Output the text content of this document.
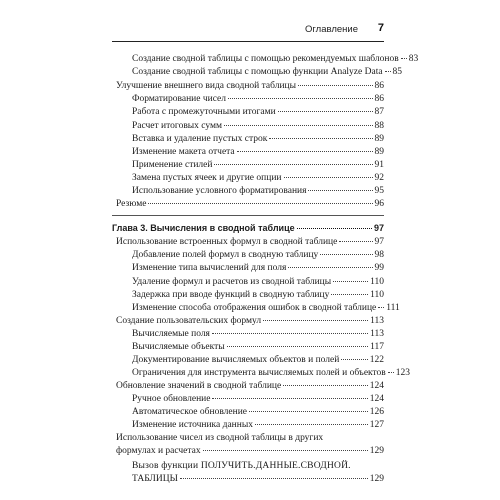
Оглавление 7
Создание сводной таблицы с помощью рекомендуемых шаблонов 83
Создание сводной таблицы с помощью функции Analyze Data 85
Улучшение внешнего вида сводной таблицы	86
Форматирование чисел	86
Работа с промежуточными итогами	87
Расчет итоговых сумм	88
Вставка и удаление пустых строк	89
Изменение макета отчета	89
Применение стилей	91
Замена пустых ячеек и другие опции	92
Использование условного форматирования	95
Резюме	96
Глава 3. Вычисления в сводной таблице	97
Использование встроенных формул в сводной таблице	97
Добавление полей формул в сводную таблицу	98
Изменение типа вычислений для поля	99
Удаление формул и расчетов из сводной таблицы	110
Задержка при вводе функций в сводную таблицу	110
Изменение способа отображения ошибок в сводной таблице 111
Создание пользовательских формул	113
Вычисляемые поля	113
Вычисляемые объекты	117
Документирование вычисляемых объектов и полей	122
Ограничения для инструмента вычисляемых полей и объектов 123
Обновление значений в сводной таблице	124
Ручное обновление	124
Автоматическое обновление	126
Изменение источника данных	127
Использование чисел из сводной таблицы в других
формулах и расчетах	129
Вызов функции ПОЛУЧИТЬ.ДАННЫЕ.СВОДНОЙ.
ТАБЛИЦЫ	129
